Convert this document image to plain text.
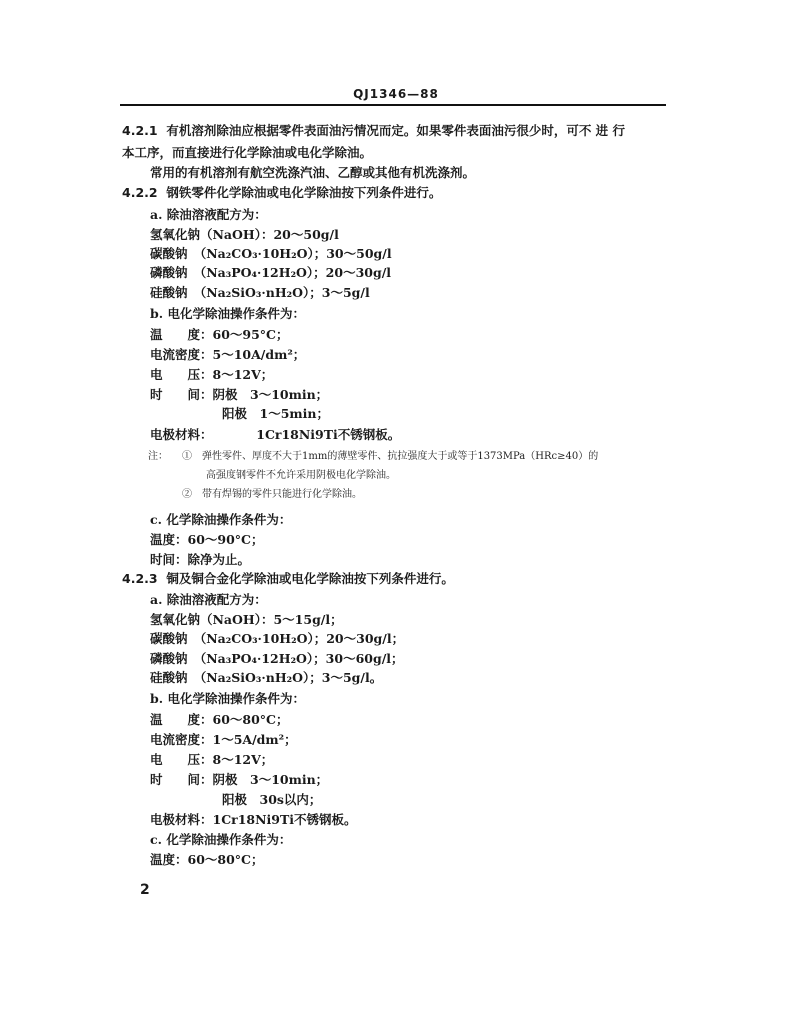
QJ1346—88
4.2.1 有机溶剂除油应根据零件表面油污情况而定。如果零件表面油污很少时，可不 进 行
本工序，而直接进行化学除油或电化学除油。
常用的有机溶剂有航空洗涤汽油、乙醇或其他有机洗涤剂。
4.2.2 钢铁零件化学除油或电化学除油按下列条件进行。
a. 除油溶液配方为：
氢氧化钠（NaOH）：20～50g/l
碳酸钠　（Na₂CO₃·10H₂O）；30～50g/l
磷酸钠　（Na₃PO₄·12H₂O）；20～30g/l
硅酸钠　（Na₂SiO₃·nH₂O）；3～5g/l
b. 电化学除油操作条件为：
温　　度：60～95°C；
电流密度：5～10A/dm²；
电　　压：8～12V；
时　　间：阴极　3～10min；
阳极　1～5min；
电极材料：　　　　1Cr18Ni9Ti不锈钢板。
注： ①　弹性零件、厚度不大于1mm的薄壁零件、抗拉强度大于或等于1373MPa（HRc≥40）的
高强度钢零件不允许采用阴极电化学除油。
②　带有焊锡的零件只能进行化学除油。
c. 化学除油操作条件为：
温度：60～90°C；
时间：除净为止。
4.2.3 铜及铜合金化学除油或电化学除油按下列条件进行。
a. 除油溶液配方为：
氢氧化钠（NaOH）：5～15g/l；
碳酸钠　（Na₂CO₃·10H₂O）；20～30g/l；
磷酸钠　（Na₃PO₄·12H₂O）；30～60g/l；
硅酸钠　（Na₂SiO₃·nH₂O）；3～5g/l。
b. 电化学除油操作条件为：
温　　度：60～80°C；
电流密度：1～5A/dm²；
电　　压：8～12V；
时　　间：阴极　3～10min；
阳极　30s以内；
电极材料：1Cr18Ni9Ti不锈钢板。
c. 化学除油操作条件为：
温度：60～80°C；
2
